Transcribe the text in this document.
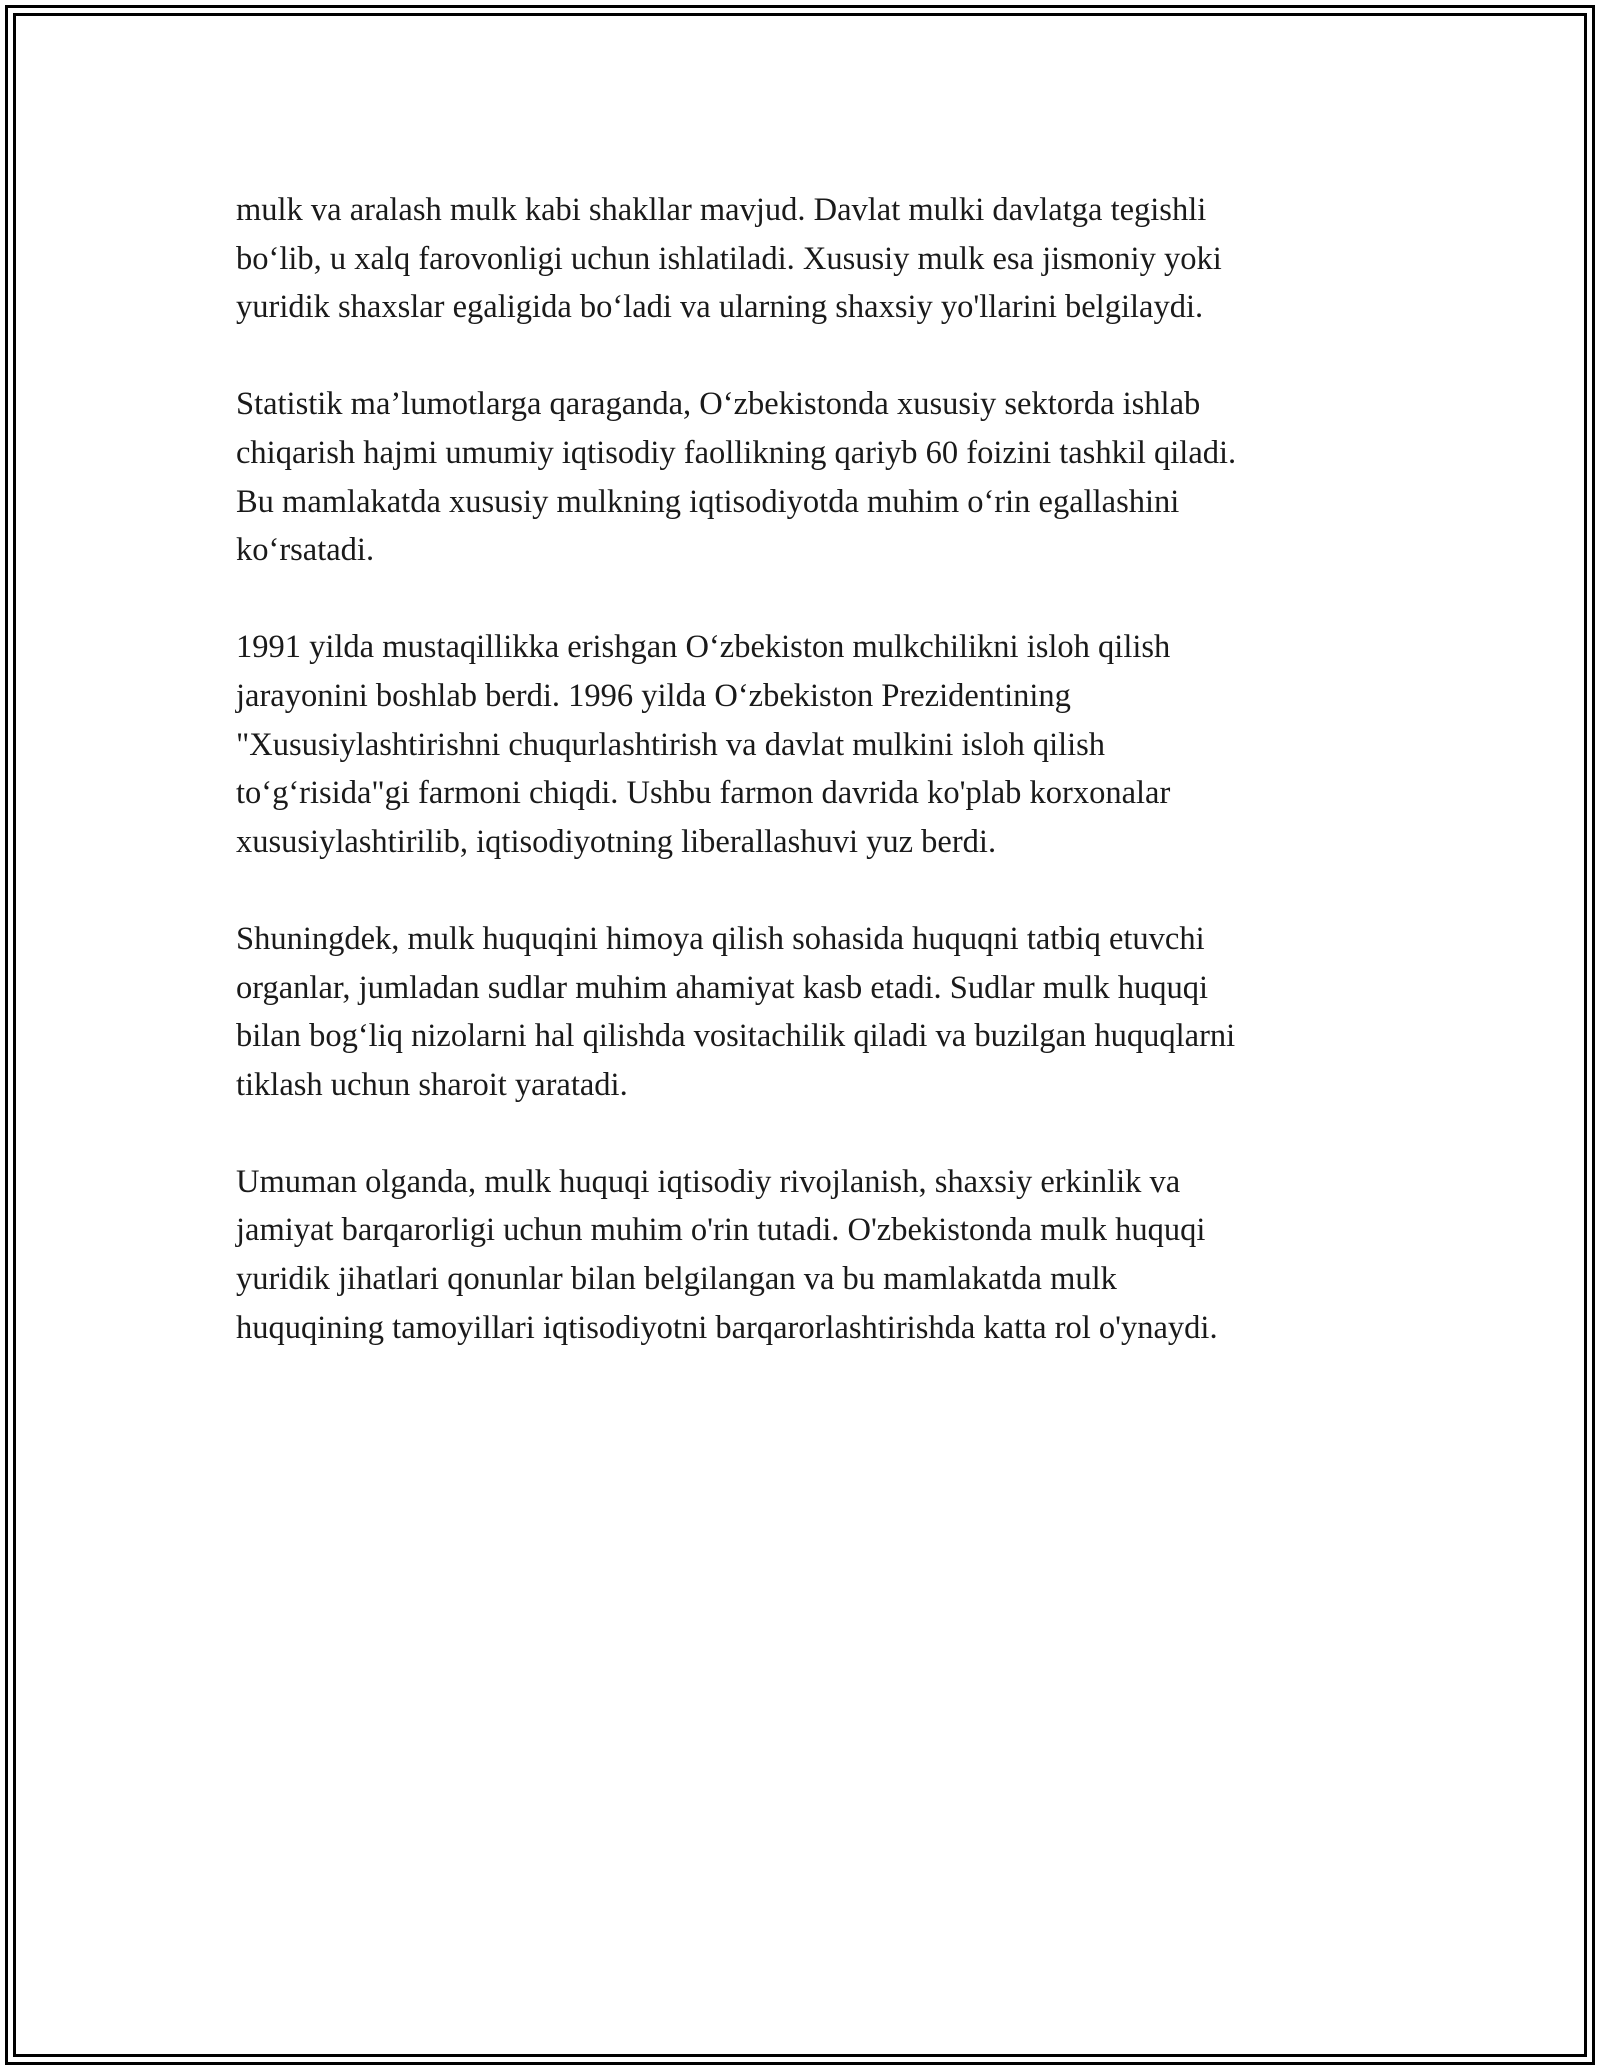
mulk va aralash mulk kabi shakllar mavjud. Davlat mulki davlatga tegishli
bo‘lib, u xalq farovonligi uchun ishlatiladi. Xususiy mulk esa jismoniy yoki
yuridik shaxslar egaligida bo‘ladi va ularning shaxsiy yo'llarini belgilaydi.

Statistik ma’lumotlarga qaraganda, O‘zbekistonda xususiy sektorda ishlab
chiqarish hajmi umumiy iqtisodiy faollikning qariyb 60 foizini tashkil qiladi.
Bu mamlakatda xususiy mulkning iqtisodiyotda muhim o‘rin egallashini
ko‘rsatadi.

1991 yilda mustaqillikka erishgan O‘zbekiston mulkchilikni isloh qilish
jarayonini boshlab berdi. 1996 yilda O‘zbekiston Prezidentining
"Xususiylashtirishni chuqurlashtirish va davlat mulkini isloh qilish
to‘g‘risida"gi farmoni chiqdi. Ushbu farmon davrida ko'plab korxonalar
xususiylashtirilib, iqtisodiyotning liberallashuvi yuz berdi.

Shuningdek, mulk huquqini himoya qilish sohasida huquqni tatbiq etuvchi
organlar, jumladan sudlar muhim ahamiyat kasb etadi. Sudlar mulk huquqi
bilan bog‘liq nizolarni hal qilishda vositachilik qiladi va buzilgan huquqlarni
tiklash uchun sharoit yaratadi.

Umuman olganda, mulk huquqi iqtisodiy rivojlanish, shaxsiy erkinlik va
jamiyat barqarorligi uchun muhim o'rin tutadi. O'zbekistonda mulk huquqi
yuridik jihatlari qonunlar bilan belgilangan va bu mamlakatda mulk
huquqining tamoyillari iqtisodiyotni barqarorlashtirishda katta rol o'ynaydi.
